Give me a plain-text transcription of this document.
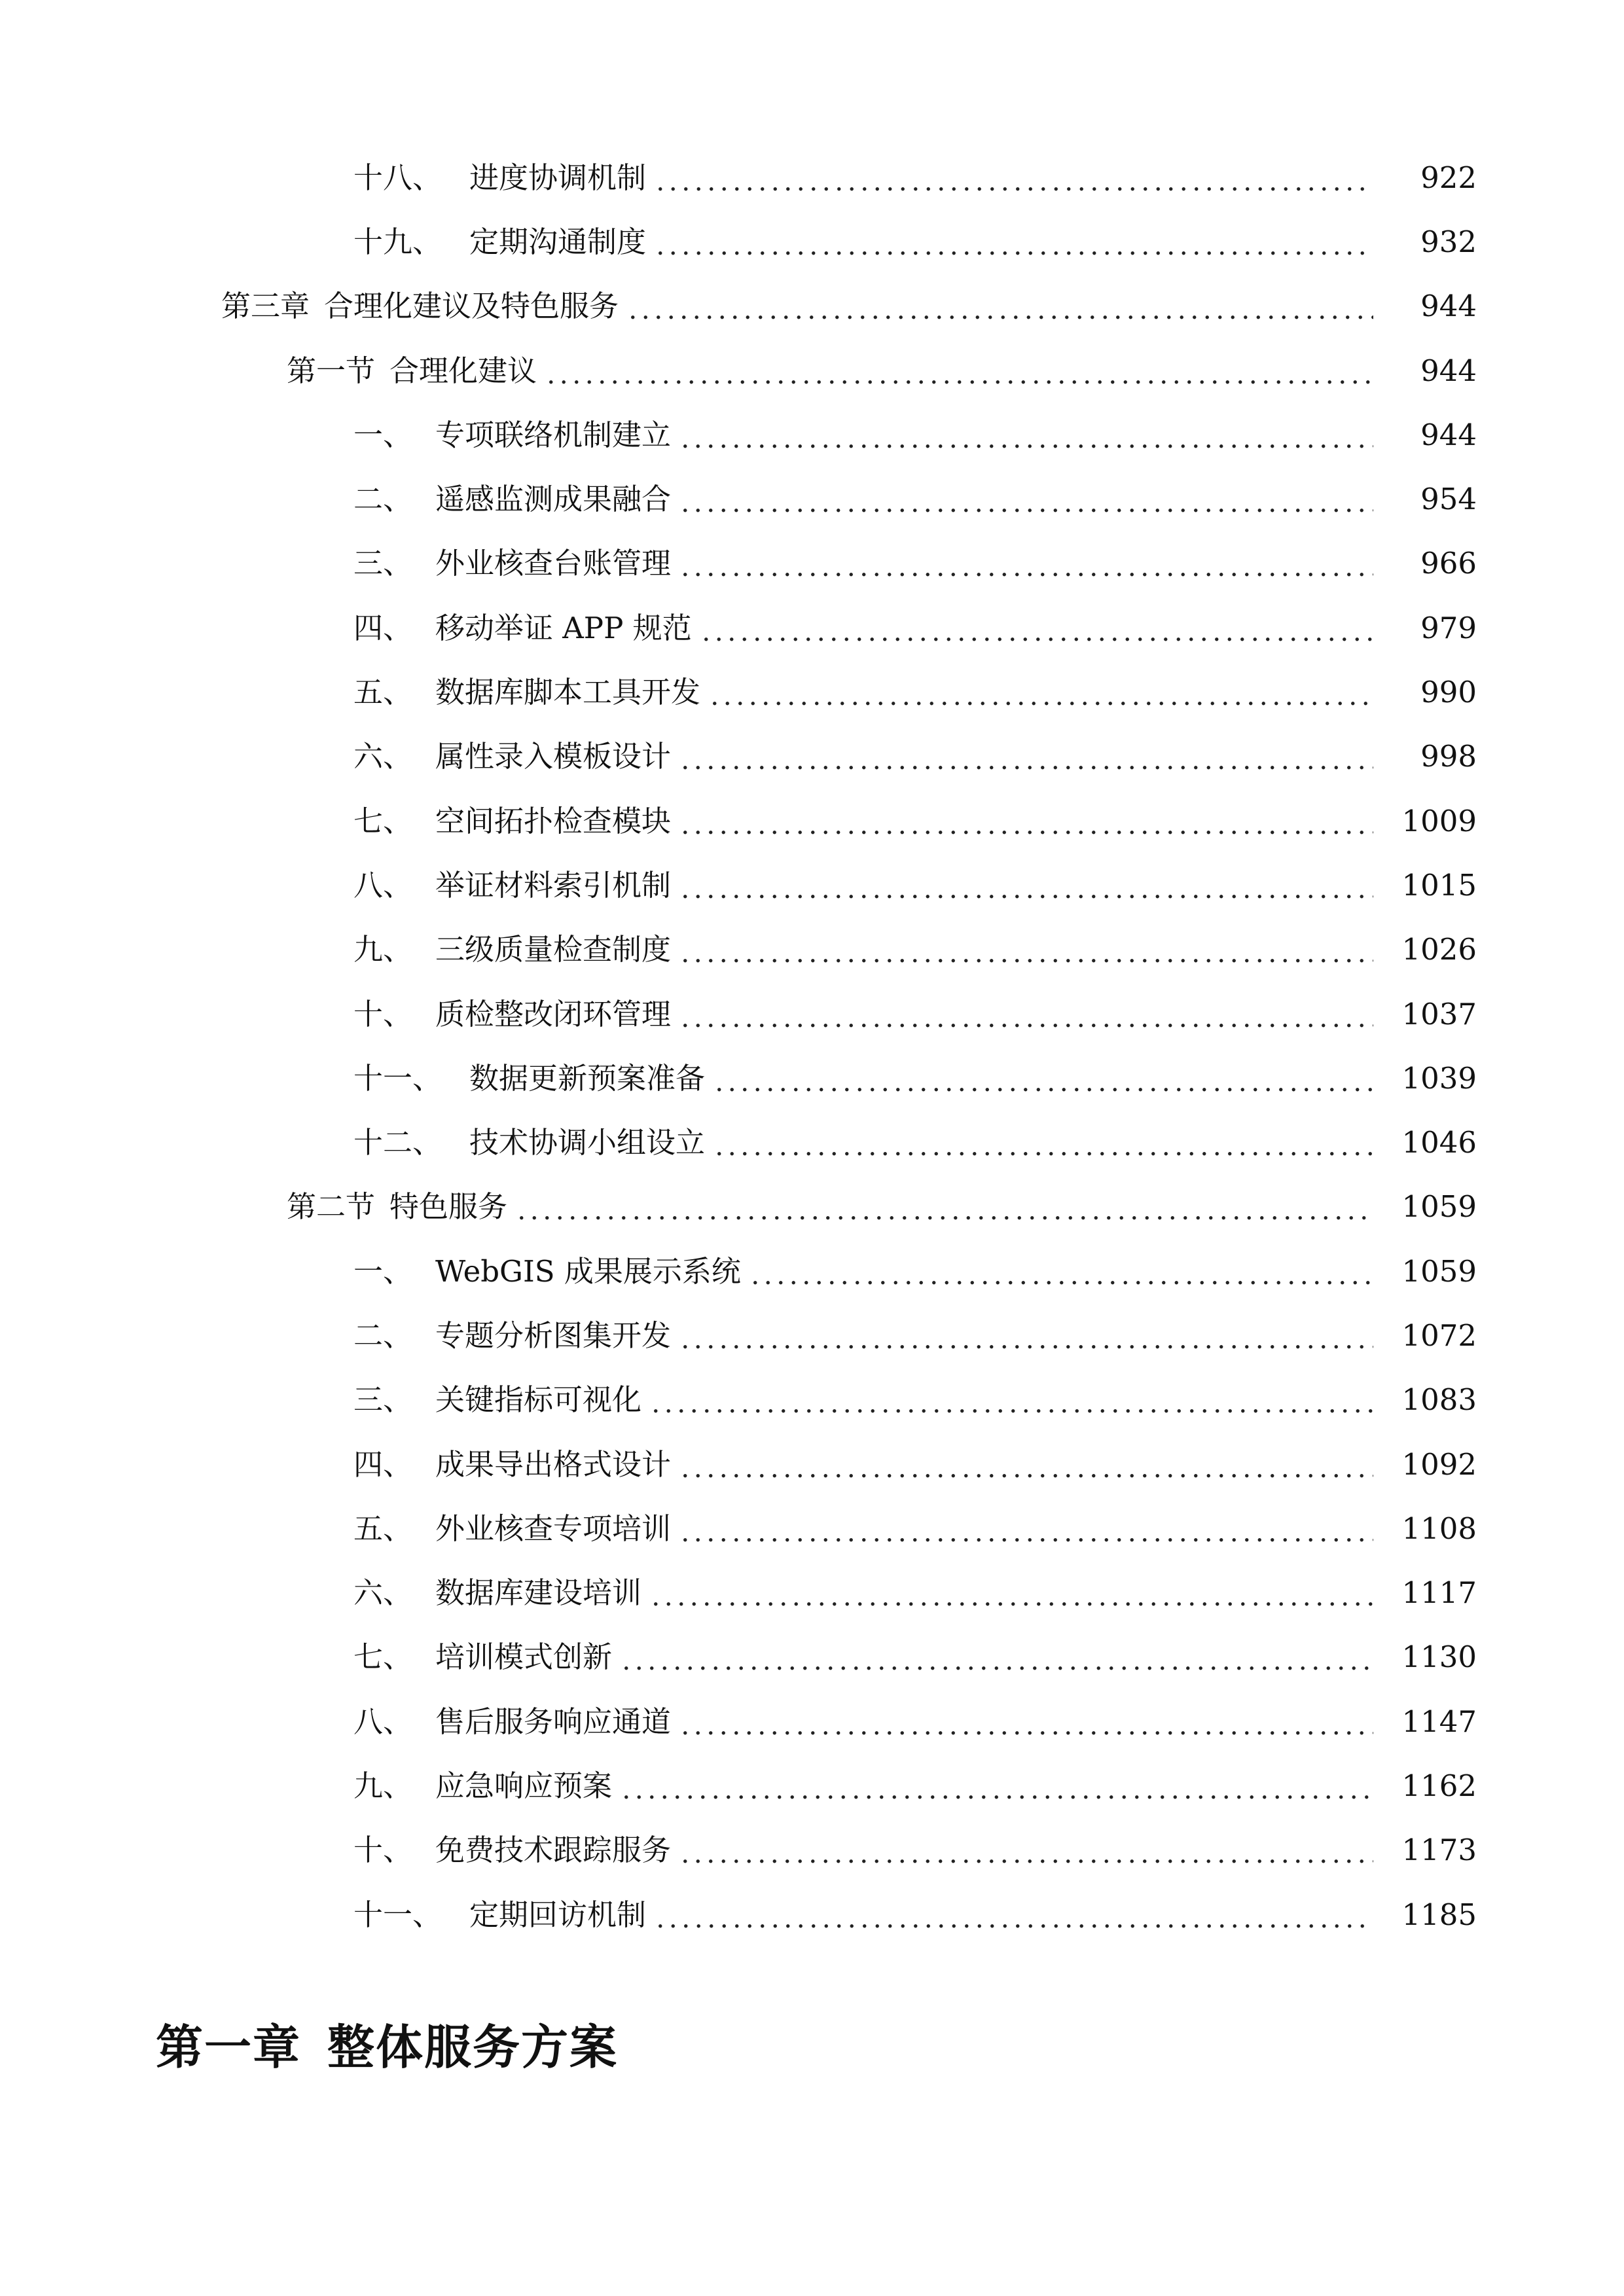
十八、 进度协调机制	922
十九、 定期沟通制度	932
第三章 合理化建议及特色服务	944
第一节 合理化建议	944
一、 专项联络机制建立	944
二、 遥感监测成果融合	954
三、 外业核查台账管理	966
四、 移动举证 APP 规范	979
五、 数据库脚本工具开发	990
六、 属性录入模板设计	998
七、 空间拓扑检查模块	1009
八、 举证材料索引机制	1015
九、 三级质量检查制度	1026
十、 质检整改闭环管理	1037
十一、 数据更新预案准备	1039
十二、 技术协调小组设立	1046
第二节 特色服务	1059
一、 WebGIS 成果展示系统	1059
二、 专题分析图集开发	1072
三、 关键指标可视化	1083
四、 成果导出格式设计	1092
五、 外业核查专项培训	1108
六、 数据库建设培训	1117
七、 培训模式创新	1130
八、 售后服务响应通道	1147
九、 应急响应预案	1162
十、 免费技术跟踪服务	1173
十一、 定期回访机制	1185
第一章 整体服务方案
